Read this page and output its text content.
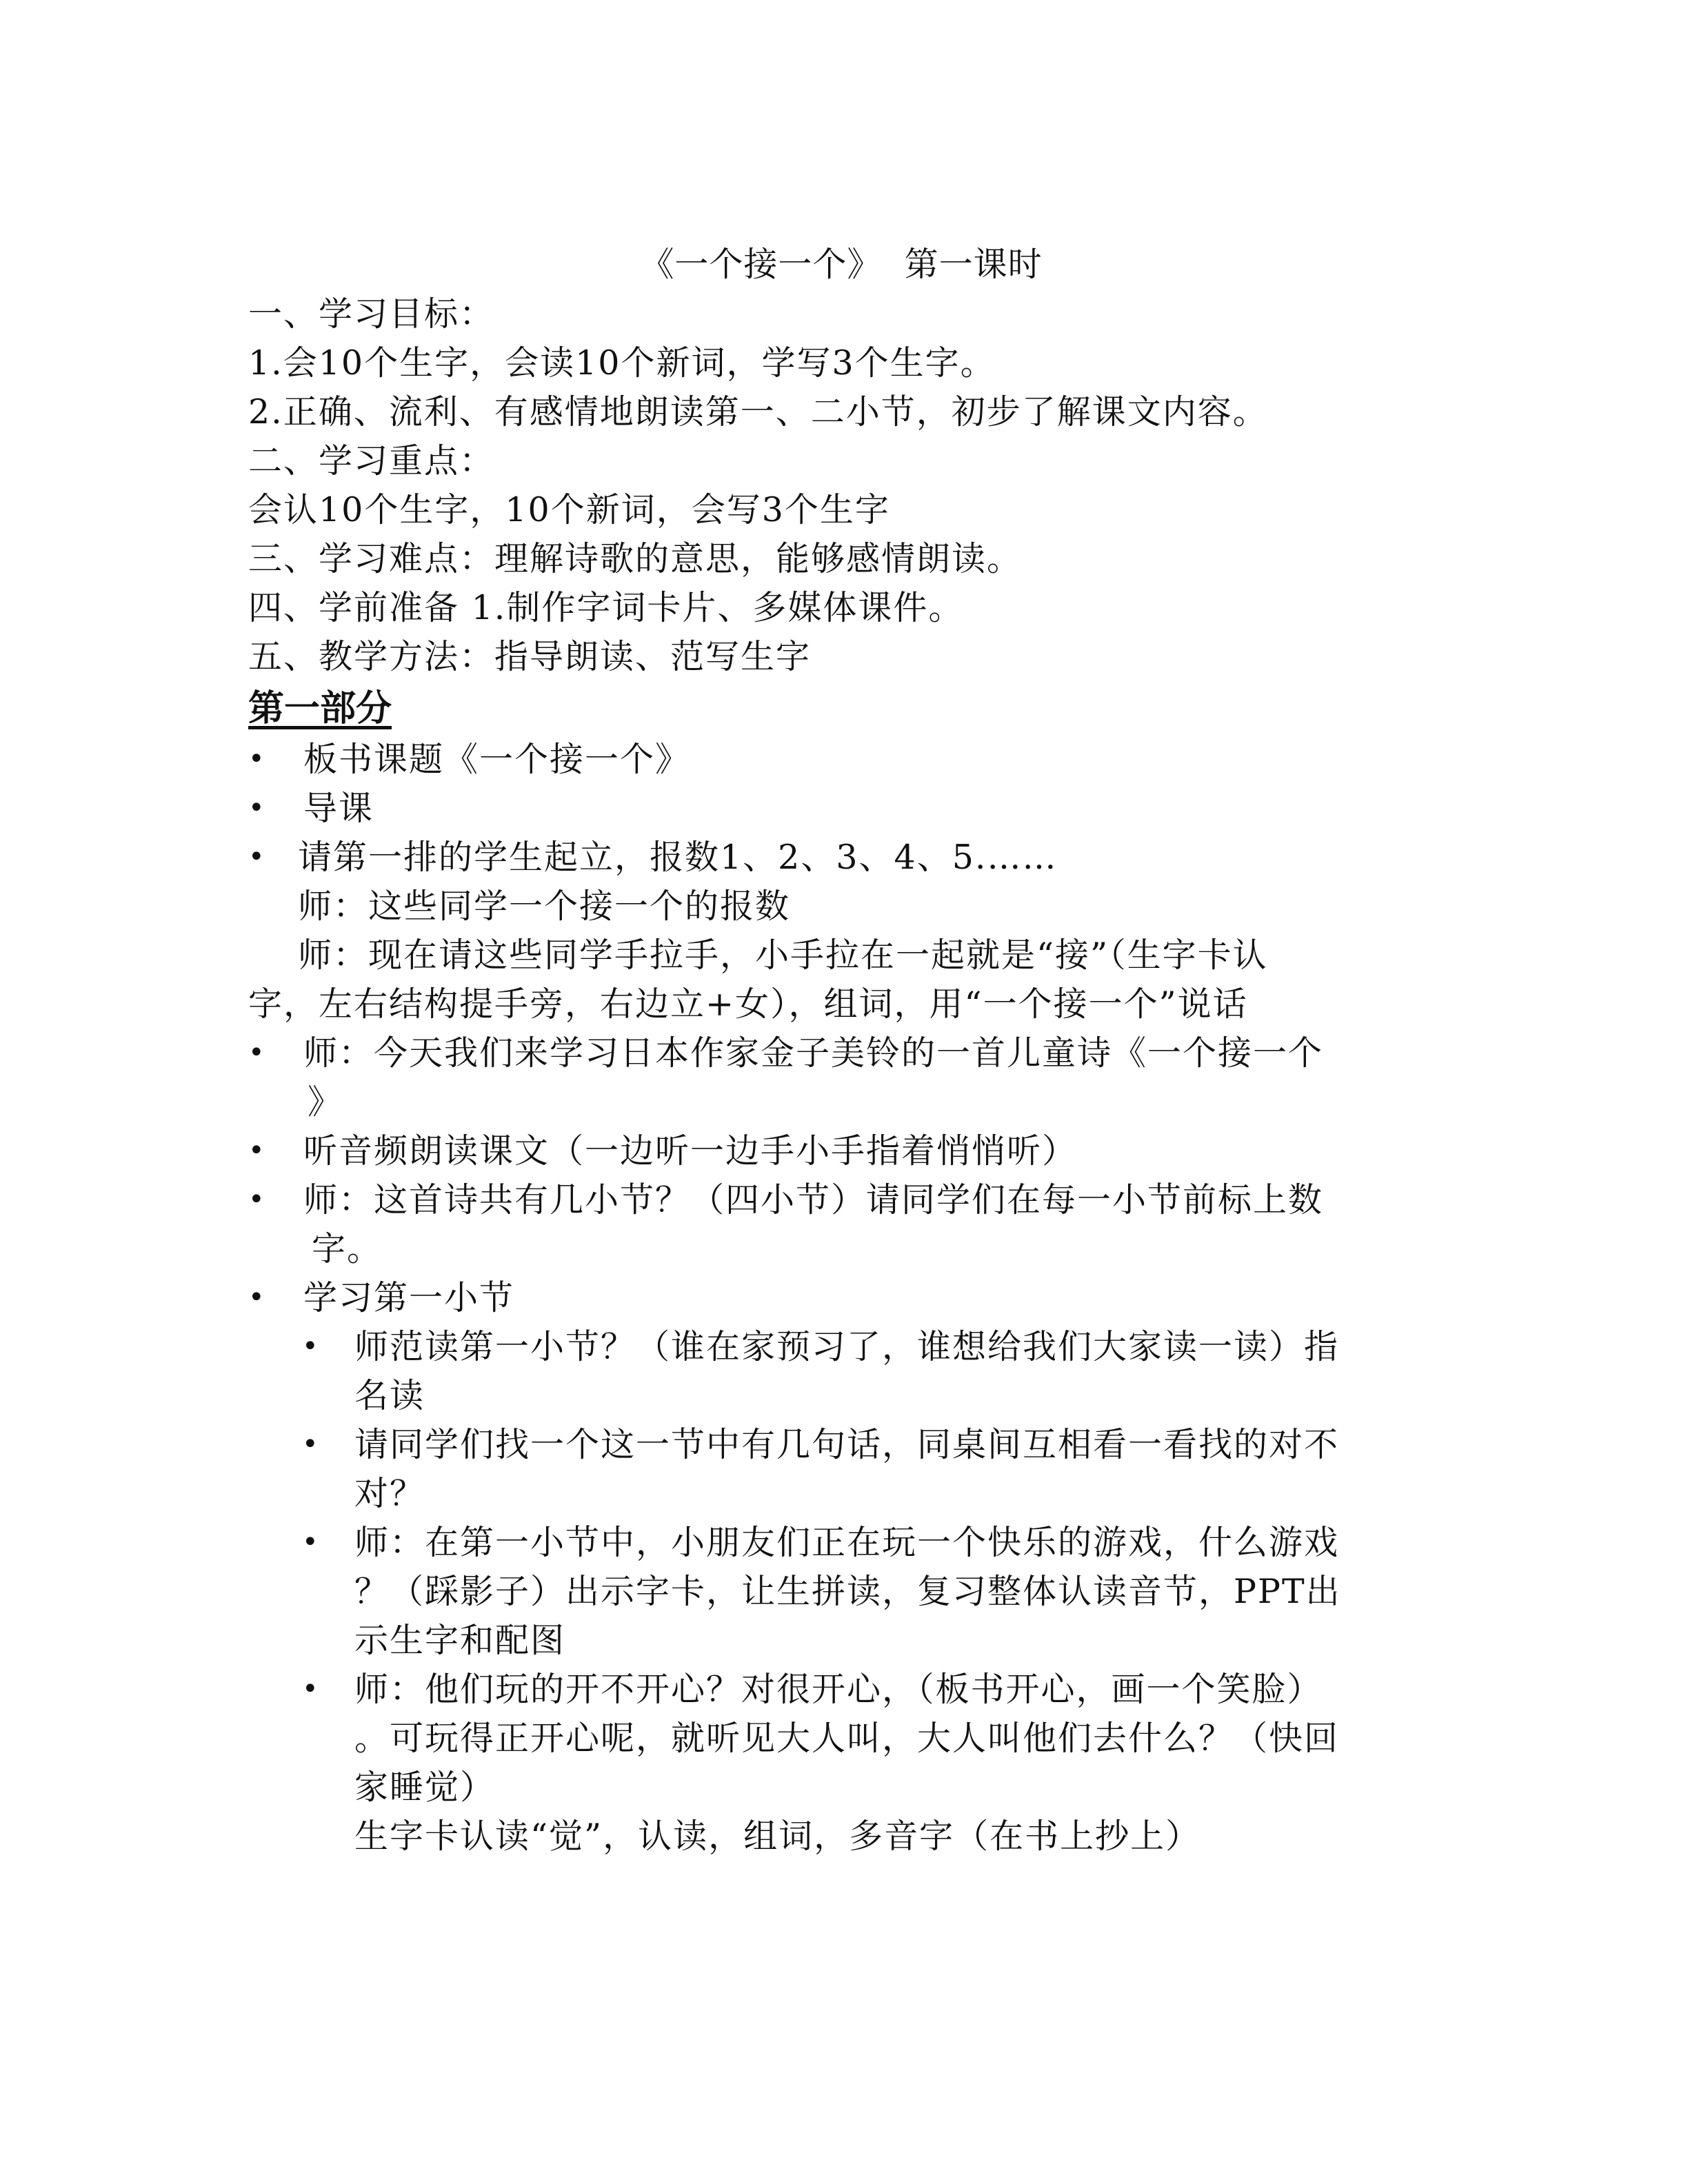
《一个接一个》  第一课时

一、学习目标：

1.会10个生字，会读10个新词，学写3个生字。

2.正确、流利、有感情地朗读第一、二小节，初步了解课文内容。

二、学习重点：

会认10个生字，10个新词，会写3个生字

三、学习难点：理解诗歌的意思，能够感情朗读。

四、学前准备 1.制作字词卡片、多媒体课件。

五、教学方法：指导朗读、范写生字

第一部分
• 板书课题《一个接一个》
• 导课
• 请第一排的学生起立，报数1、2、3、4、5.……
师：这些同学一个接一个的报数

师：现在请这些同学手拉手，小手拉在一起就是“接”（生字卡认

字，左右结构提手旁，右边立+女），组词，用“一个接一个”说话

• 师：今天我们来学习日本作家金子美铃的一首儿童诗《一个接一个
》
• 听音频朗读课文（一边听一边手小手指着悄悄听）
• 师：这首诗共有几小节？（四小节）请同学们在每一小节前标上数
字。
• 学习第一小节
• 师范读第一小节？（谁在家预习了，谁想给我们大家读一读）指
名读
• 请同学们找一个这一节中有几句话，同桌间互相看一看找的对不
对？
• 师：在第一小节中，小朋友们正在玩一个快乐的游戏，什么游戏
？（踩影子）出示字卡，让生拼读，复习整体认读音节，PPT出
示生字和配图
• 师：他们玩的开不开心？对很开心，（板书开心，画一个笑脸）
。可玩得正开心呢，就听见大人叫，大人叫他们去什么？（快回
家睡觉）
生字卡认读“觉”，认读，组词，多音字（在书上抄上）
